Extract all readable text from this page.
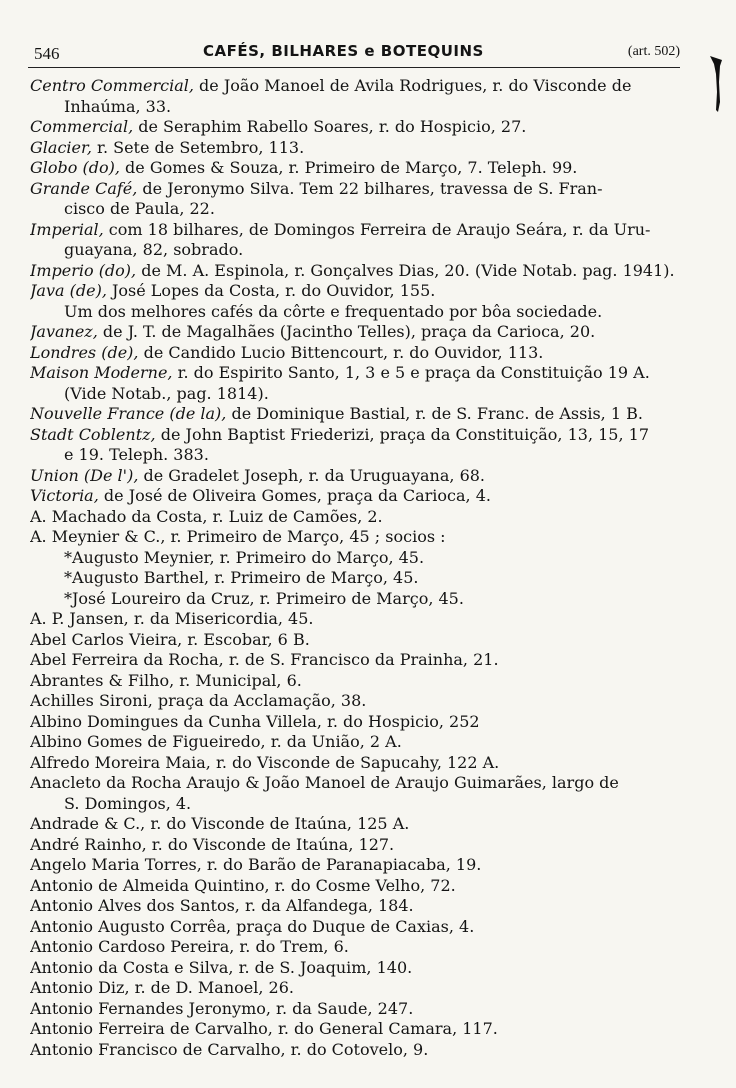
546	CAFÉS, BILHARES e BOTEQUINS	(art. 502)
Centro Commercial, de João Manoel de Avila Rodrigues, r. do Visconde de
Inhaúma, 33.
Commercial, de Seraphim Rabello Soares, r. do Hospicio, 27.
Glacier, r. Sete de Setembro, 113.
Globo (do), de Gomes & Souza, r. Primeiro de Março, 7. Teleph. 99.
Grande Café, de Jeronymo Silva. Tem 22 bilhares, travessa de S. Fran-
cisco de Paula, 22.
Imperial, com 18 bilhares, de Domingos Ferreira de Araujo Seára, r. da Uru-
guayana, 82, sobrado.
Imperio (do), de M. A. Espinola, r. Gonçalves Dias, 20. (Vide Notab. pag. 1941).
Java (de), José Lopes da Costa, r. do Ouvidor, 155.
Um dos melhores cafés da côrte e frequentado por bôa sociedade.
Javanez, de J. T. de Magalhães (Jacintho Telles), praça da Carioca, 20.
Londres (de), de Candido Lucio Bittencourt, r. do Ouvidor, 113.
Maison Moderne, r. do Espirito Santo, 1, 3 e 5 e praça da Constituição 19 A.
(Vide Notab., pag. 1814).
Nouvelle France (de la), de Dominique Bastial, r. de S. Franc. de Assis, 1 B.
Stadt Coblentz, de John Baptist Friederizi, praça da Constituição, 13, 15, 17
e 19. Teleph. 383.
Union (De l'), de Gradelet Joseph, r. da Uruguayana, 68.
Victoria, de José de Oliveira Gomes, praça da Carioca, 4.
A. Machado da Costa, r. Luiz de Camões, 2.
A. Meynier & C., r. Primeiro de Março, 45 ; socios :
*Augusto Meynier, r. Primeiro do Março, 45.
*Augusto Barthel, r. Primeiro de Março, 45.
*José Loureiro da Cruz, r. Primeiro de Março, 45.
A. P. Jansen, r. da Misericordia, 45.
Abel Carlos Vieira, r. Escobar, 6 B.
Abel Ferreira da Rocha, r. de S. Francisco da Prainha, 21.
Abrantes & Filho, r. Municipal, 6.
Achilles Sironi, praça da Acclamação, 38.
Albino Domingues da Cunha Villela, r. do Hospicio, 252
Albino Gomes de Figueiredo, r. da União, 2 A.
Alfredo Moreira Maia, r. do Visconde de Sapucahy, 122 A.
Anacleto da Rocha Araujo & João Manoel de Araujo Guimarães, largo de
S. Domingos, 4.
Andrade & C., r. do Visconde de Itaúna, 125 A.
André Rainho, r. do Visconde de Itaúna, 127.
Angelo Maria Torres, r. do Barão de Paranapiacaba, 19.
Antonio de Almeida Quintino, r. do Cosme Velho, 72.
Antonio Alves dos Santos, r. da Alfandega, 184.
Antonio Augusto Corrêa, praça do Duque de Caxias, 4.
Antonio Cardoso Pereira, r. do Trem, 6.
Antonio da Costa e Silva, r. de S. Joaquim, 140.
Antonio Diz, r. de D. Manoel, 26.
Antonio Fernandes Jeronymo, r. da Saude, 247.
Antonio Ferreira de Carvalho, r. do General Camara, 117.
Antonio Francisco de Carvalho, r. do Cotovelo, 9.
